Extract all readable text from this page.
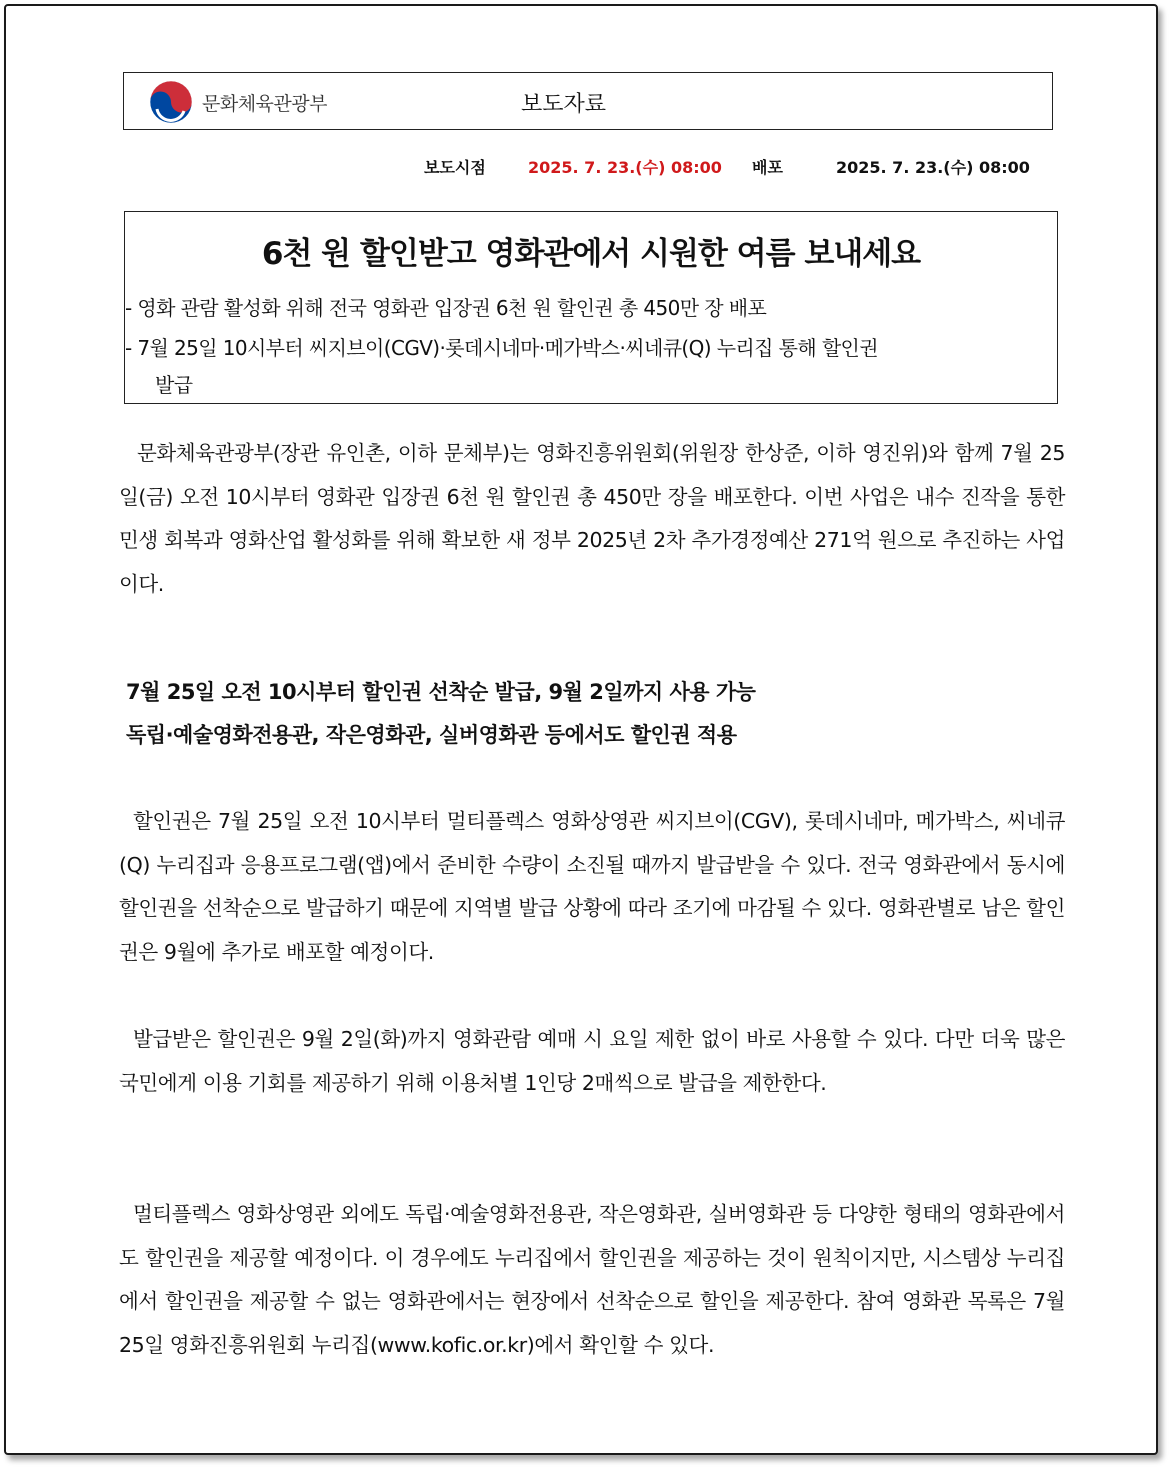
문화체육관광부	보도자료
보도시점	2025. 7. 23.(수) 08:00 배포	2025. 7. 23.(수) 08:00
6천 원 할인받고 영화관에서 시원한 여름 보내세요
- 영화 관람 활성화 위해 전국 영화관 입장권 6천 원 할인권 총 450만 장 배포
- 7월 25일 10시부터 씨지브이(CGV)·롯데시네마·메가박스·씨네큐(Q) 누리집 통해 할인권
발급

문화체육관광부(장관 유인촌, 이하 문체부)는 영화진흥위원회(위원장 한상준, 이하 영진위)와 함께 7월 25일(금) 오전 10시부터 영화관 입장권 6천 원 할인권 총 450만 장을 배포한다. 이번 사업은 내수 진작을 통한 민생 회복과 영화산업 활성화를 위해 확보한 새 정부 2025년 2차 추가경정예산 271억 원으로 추진하는 사업이다.

7월 25일 오전 10시부터 할인권 선착순 발급, 9월 2일까지 사용 가능
독립·예술영화전용관, 작은영화관, 실버영화관 등에서도 할인권 적용

할인권은 7월 25일 오전 10시부터 멀티플렉스 영화상영관 씨지브이(CGV), 롯데시네마, 메가박스, 씨네큐(Q) 누리집과 응용프로그램(앱)에서 준비한 수량이 소진될 때까지 발급받을 수 있다. 전국 영화관에서 동시에 할인권을 선착순으로 발급하기 때문에 지역별 발급 상황에 따라 조기에 마감될 수 있다. 영화관별로 남은 할인권은 9월에 추가로 배포할 예정이다.

발급받은 할인권은 9월 2일(화)까지 영화관람 예매 시 요일 제한 없이 바로 사용할 수 있다. 다만 더욱 많은 국민에게 이용 기회를 제공하기 위해 이용처별 1인당 2매씩으로 발급을 제한한다.

멀티플렉스 영화상영관 외에도 독립·예술영화전용관, 작은영화관, 실버영화관 등 다양한 형태의 영화관에서도 할인권을 제공할 예정이다. 이 경우에도 누리집에서 할인권을 제공하는 것이 원칙이지만, 시스템상 누리집에서 할인권을 제공할 수 없는 영화관에서는 현장에서 선착순으로 할인을 제공한다. 참여 영화관 목록은 7월 25일 영화진흥위원회 누리집(www.kofic.or.kr)에서 확인할 수 있다.
